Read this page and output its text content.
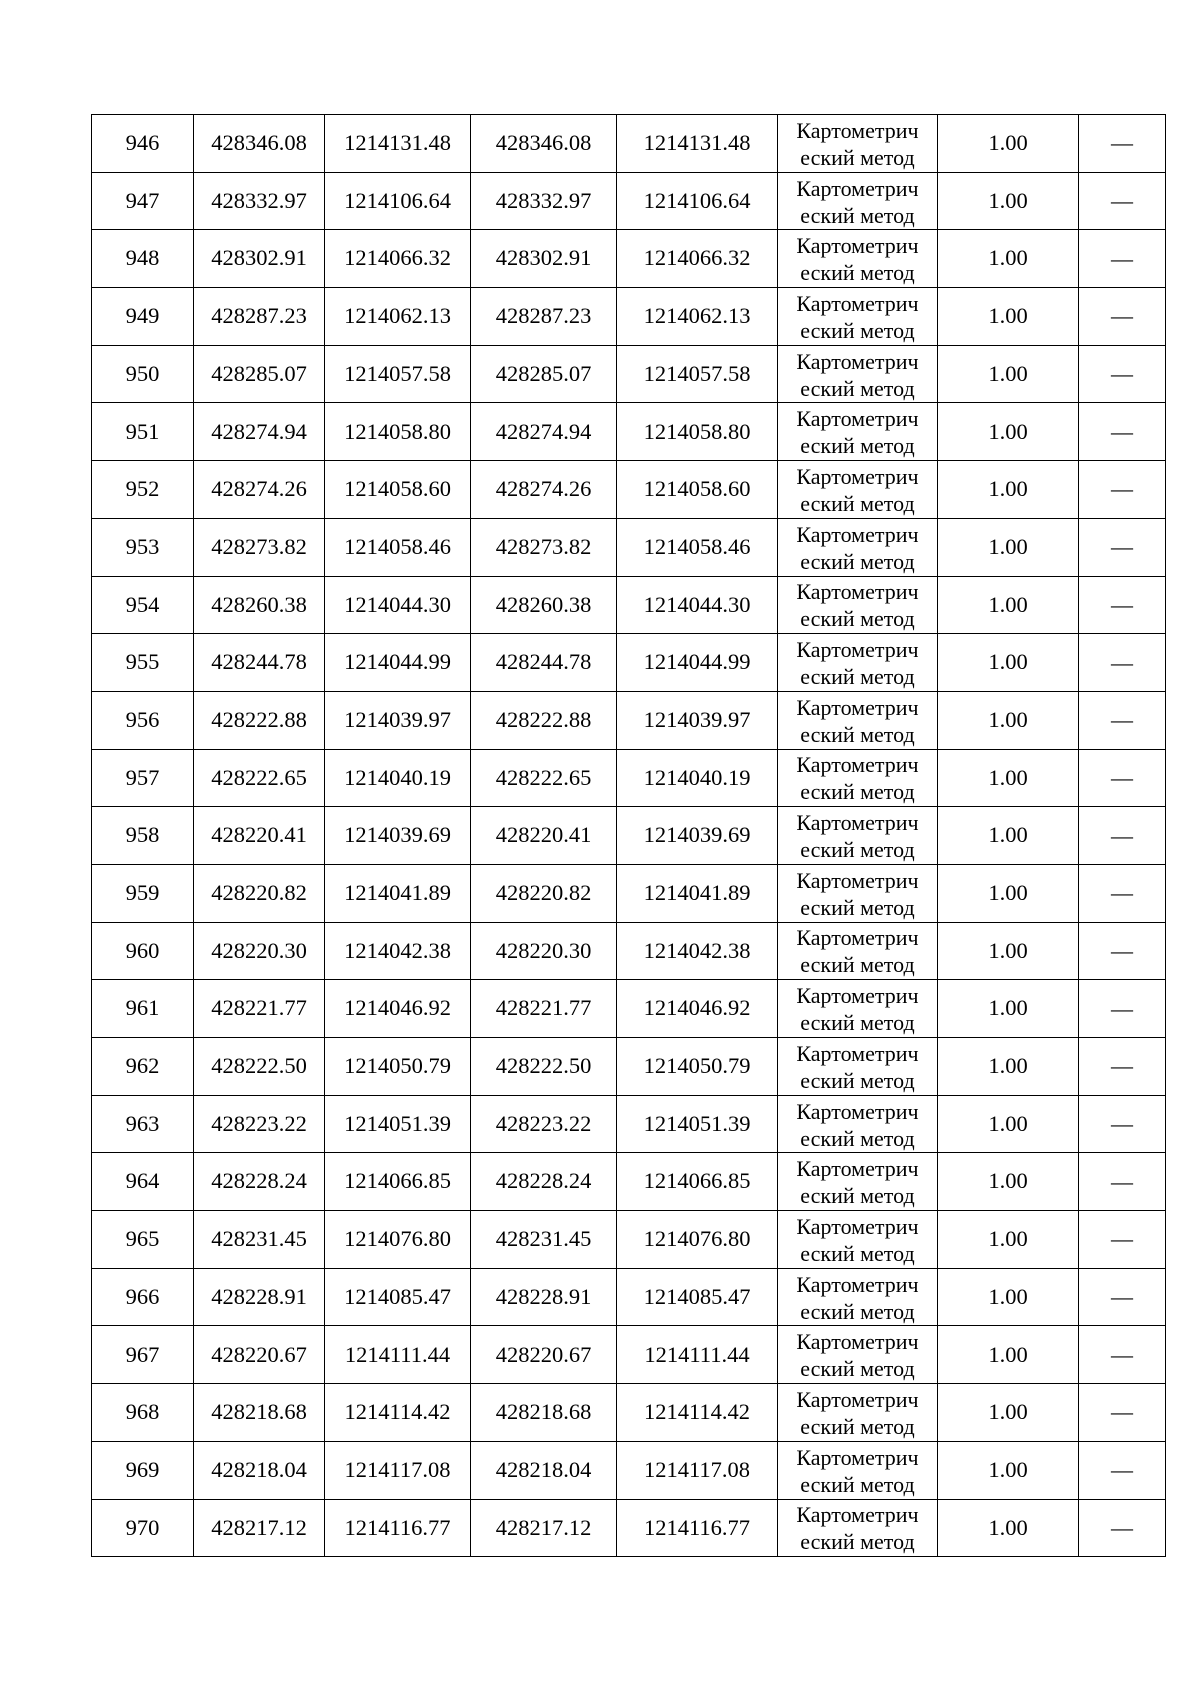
946	428346.08	1214131.48	428346.08	1214131.48	Картометрич
еский метод	1.00	—
947	428332.97	1214106.64	428332.97	1214106.64	Картометрич
еский метод	1.00	—
948	428302.91	1214066.32	428302.91	1214066.32	Картометрич
еский метод	1.00	—
949	428287.23	1214062.13	428287.23	1214062.13	Картометрич
еский метод	1.00	—
950	428285.07	1214057.58	428285.07	1214057.58	Картометрич
еский метод	1.00	—
951	428274.94	1214058.80	428274.94	1214058.80	Картометрич
еский метод	1.00	—
952	428274.26	1214058.60	428274.26	1214058.60	Картометрич
еский метод	1.00	—
953	428273.82	1214058.46	428273.82	1214058.46	Картометрич
еский метод	1.00	—
954	428260.38	1214044.30	428260.38	1214044.30	Картометрич
еский метод	1.00	—
955	428244.78	1214044.99	428244.78	1214044.99	Картометрич
еский метод	1.00	—
956	428222.88	1214039.97	428222.88	1214039.97	Картометрич
еский метод	1.00	—
957	428222.65	1214040.19	428222.65	1214040.19	Картометрич
еский метод	1.00	—
958	428220.41	1214039.69	428220.41	1214039.69	Картометрич
еский метод	1.00	—
959	428220.82	1214041.89	428220.82	1214041.89	Картометрич
еский метод	1.00	—
960	428220.30	1214042.38	428220.30	1214042.38	Картометрич
еский метод	1.00	—
961	428221.77	1214046.92	428221.77	1214046.92	Картометрич
еский метод	1.00	—
962	428222.50	1214050.79	428222.50	1214050.79	Картометрич
еский метод	1.00	—
963	428223.22	1214051.39	428223.22	1214051.39	Картометрич
еский метод	1.00	—
964	428228.24	1214066.85	428228.24	1214066.85	Картометрич
еский метод	1.00	—
965	428231.45	1214076.80	428231.45	1214076.80	Картометрич
еский метод	1.00	—
966	428228.91	1214085.47	428228.91	1214085.47	Картометрич
еский метод	1.00	—
967	428220.67	1214111.44	428220.67	1214111.44	Картометрич
еский метод	1.00	—
968	428218.68	1214114.42	428218.68	1214114.42	Картометрич
еский метод	1.00	—
969	428218.04	1214117.08	428218.04	1214117.08	Картометрич
еский метод	1.00	—
970	428217.12	1214116.77	428217.12	1214116.77	Картометрич
еский метод	1.00	—
